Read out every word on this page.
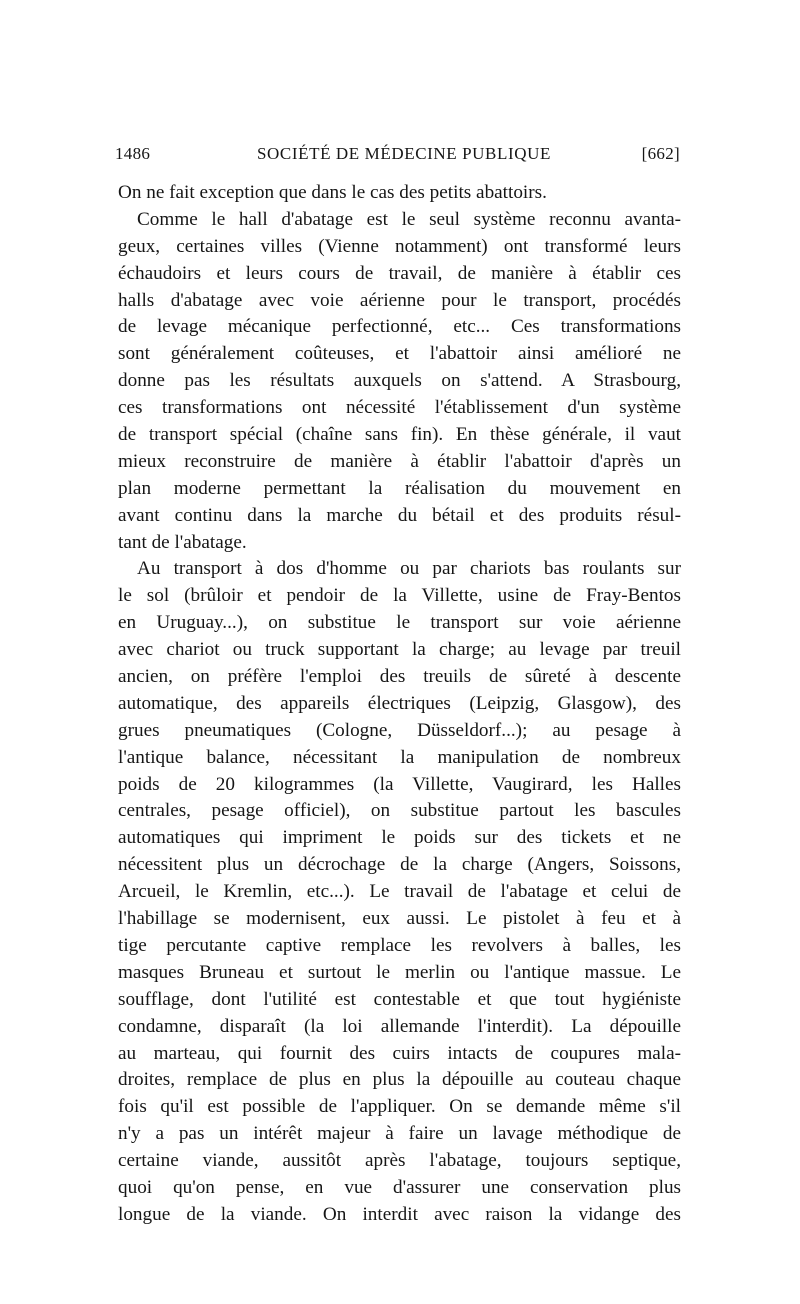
1486	SOCIÉTÉ DE MÉDECINE PUBLIQUE	[662]
On ne fait exception que dans le cas des petits abattoirs.
Comme le hall d'abatage est le seul système reconnu avanta-
geux, certaines villes (Vienne notamment) ont transformé leurs
échaudoirs et leurs cours de travail, de manière à établir ces
halls d'abatage avec voie aérienne pour le transport, procédés
de levage mécanique perfectionné, etc... Ces transformations
sont généralement coûteuses, et l'abattoir ainsi amélioré ne
donne pas les résultats auxquels on s'attend. A Strasbourg,
ces transformations ont nécessité l'établissement d'un système
de transport spécial (chaîne sans fin). En thèse générale, il vaut
mieux reconstruire de manière à établir l'abattoir d'après un
plan moderne permettant la réalisation du mouvement en
avant continu dans la marche du bétail et des produits résul-
tant de l'abatage.
Au transport à dos d'homme ou par chariots bas roulants sur
le sol (brûloir et pendoir de la Villette, usine de Fray-Bentos
en Uruguay...), on substitue le transport sur voie aérienne
avec chariot ou truck supportant la charge; au levage par treuil
ancien, on préfère l'emploi des treuils de sûreté à descente
automatique, des appareils électriques (Leipzig, Glasgow), des
grues pneumatiques (Cologne, Düsseldorf...); au pesage à
l'antique balance, nécessitant la manipulation de nombreux
poids de 20 kilogrammes (la Villette, Vaugirard, les Halles
centrales, pesage officiel), on substitue partout les bascules
automatiques qui impriment le poids sur des tickets et ne
nécessitent plus un décrochage de la charge (Angers, Soissons,
Arcueil, le Kremlin, etc...). Le travail de l'abatage et celui de
l'habillage se modernisent, eux aussi. Le pistolet à feu et à
tige percutante captive remplace les revolvers à balles, les
masques Bruneau et surtout le merlin ou l'antique massue. Le
soufflage, dont l'utilité est contestable et que tout hygiéniste
condamne, disparaît (la loi allemande l'interdit). La dépouille
au marteau, qui fournit des cuirs intacts de coupures mala-
droites, remplace de plus en plus la dépouille au couteau chaque
fois qu'il est possible de l'appliquer. On se demande même s'il
n'y a pas un intérêt majeur à faire un lavage méthodique de
certaine viande, aussitôt après l'abatage, toujours septique,
quoi qu'on pense, en vue d'assurer une conservation plus
longue de la viande. On interdit avec raison la vidange des
